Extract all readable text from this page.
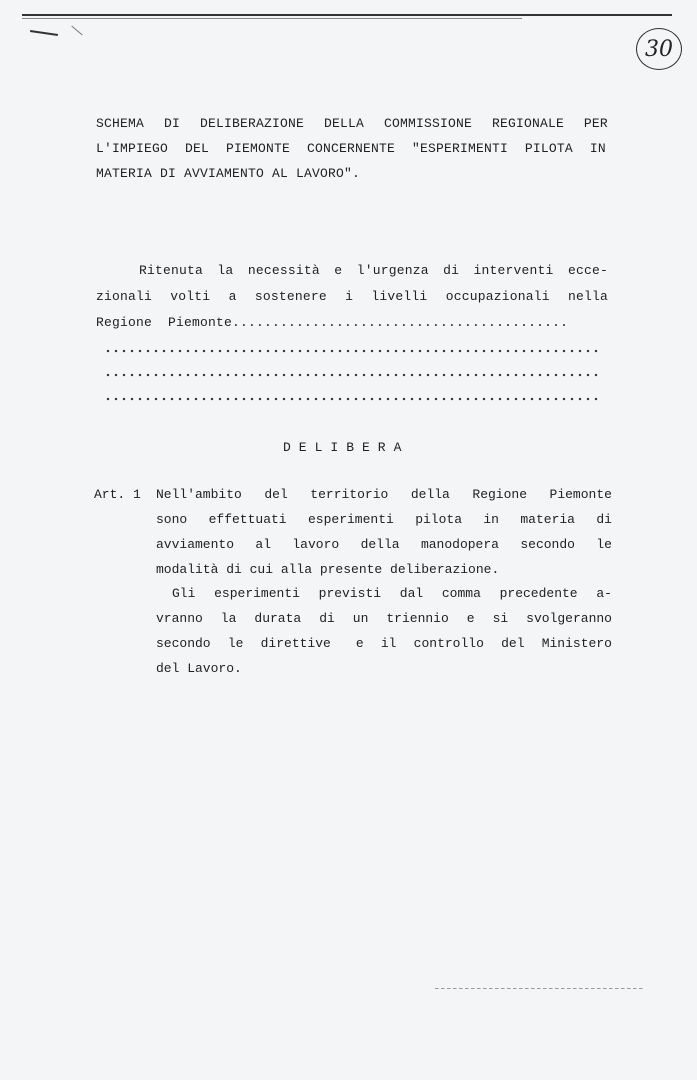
30
SCHEMA DI DELIBERAZIONE DELLA COMMISSIONE REGIONALE PER
L'IMPIEGO DEL PIEMONTE CONCERNENTE "ESPERIMENTI PILOTA IN
MATERIA DI AVVIAMENTO AL LAVORO".
Ritenuta la necessità e l'urgenza di interventi ecce-
zionali volti a sostenere i livelli occupazionali nella
Regione  Piemonte..........................................
DELIBERA
Art. 1 Nell'ambito del territorio della Regione Piemonte
sono effettuati esperimenti pilota in materia di
avviamento al lavoro della manodopera secondo le
modalità di cui alla presente deliberazione.
Gli esperimenti previsti dal comma precedente a-
vranno la durata di un triennio e si svolgeranno
secondo le direttive e il controllo del Ministero
del Lavoro.
